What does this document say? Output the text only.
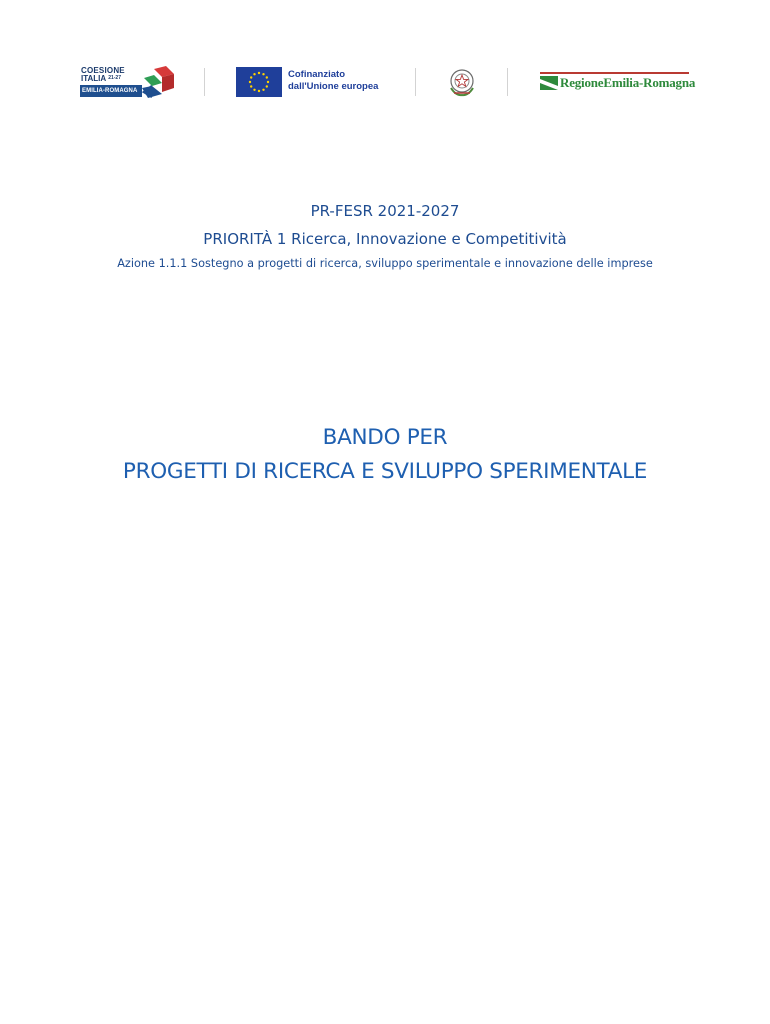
COESIONE
ITALIA $^{21-27}$
EMILIA-ROMAGNA
Cofinanziato
dall'Unione europea	RegioneEmilia-Romagna
PR-FESR 2021-2027
PRIORITÀ 1 Ricerca, Innovazione e Competitività
Azione 1.1.1 Sostegno a progetti di ricerca, sviluppo sperimentale e innovazione delle imprese
BANDO PER
PROGETTI DI RICERCA E SVILUPPO SPERIMENTALE
